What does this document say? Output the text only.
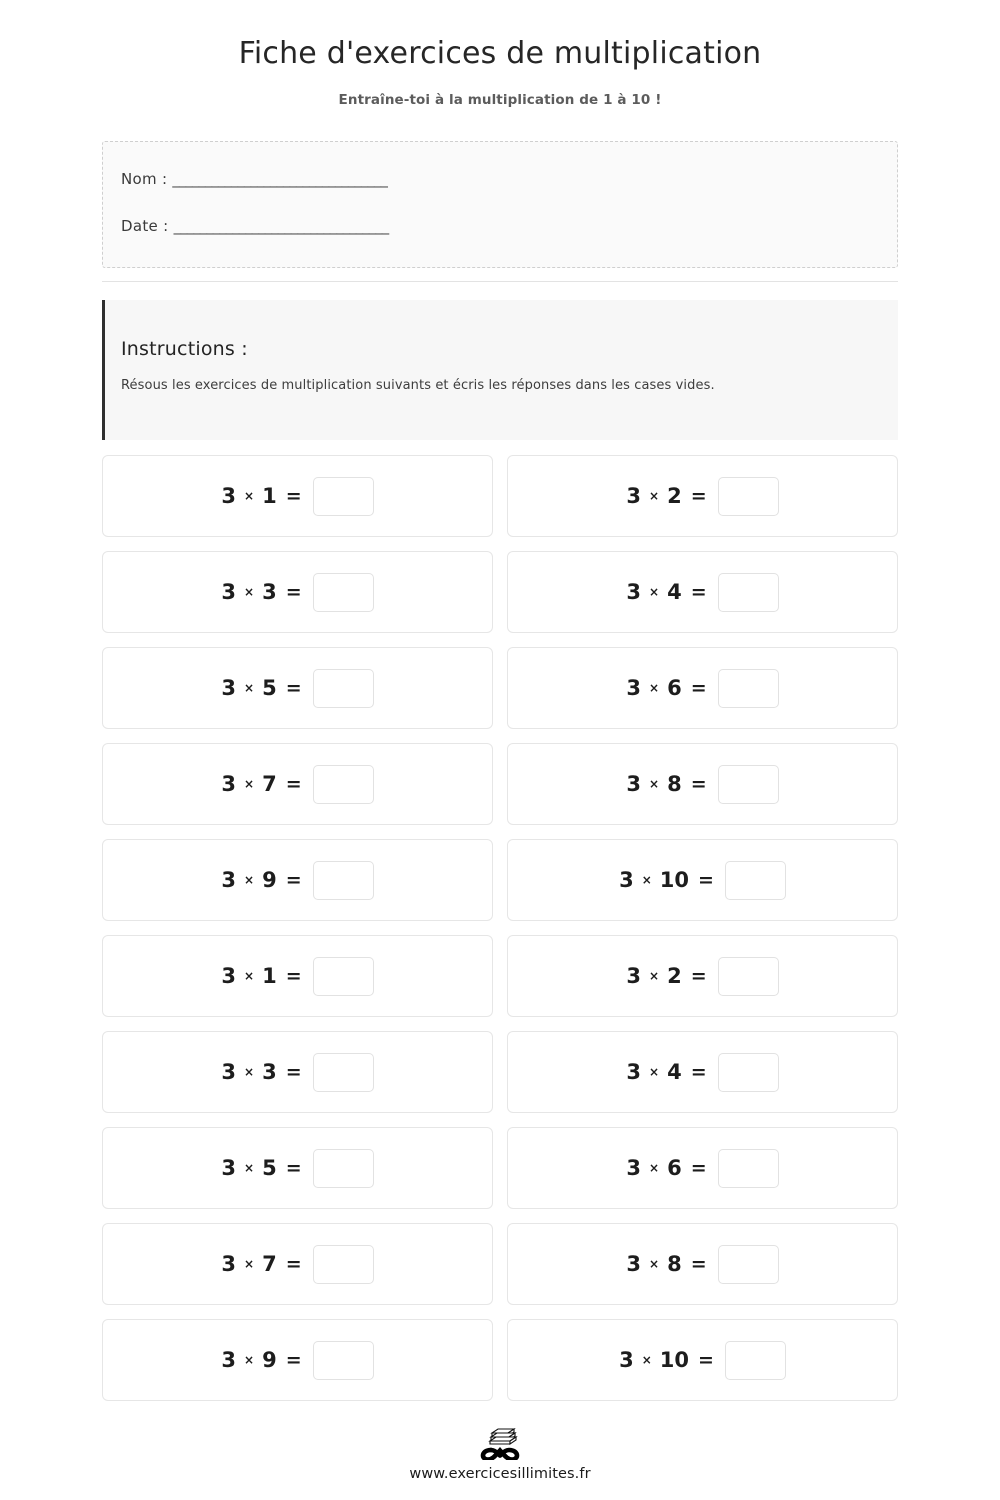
Fiche d'exercices de multiplication

Entraîne-toi à la multiplication de 1 à 10 !

Nom : _________________________________
Date : _________________________________
Instructions :

Résous les exercices de multiplication suivants et écris les réponses dans les cases vides.

3 × 1 =	3 × 2 =
3 × 3 =	3 × 4 =
3 × 5 =	3 × 6 =
3 × 7 =	3 × 8 =
3 × 9 =	3 × 10 =
3 × 1 =	3 × 2 =
3 × 3 =	3 × 4 =
3 × 5 =	3 × 6 =
3 × 7 =	3 × 8 =
3 × 9 =	3 × 10 =

www.exercicesillimites.fr
